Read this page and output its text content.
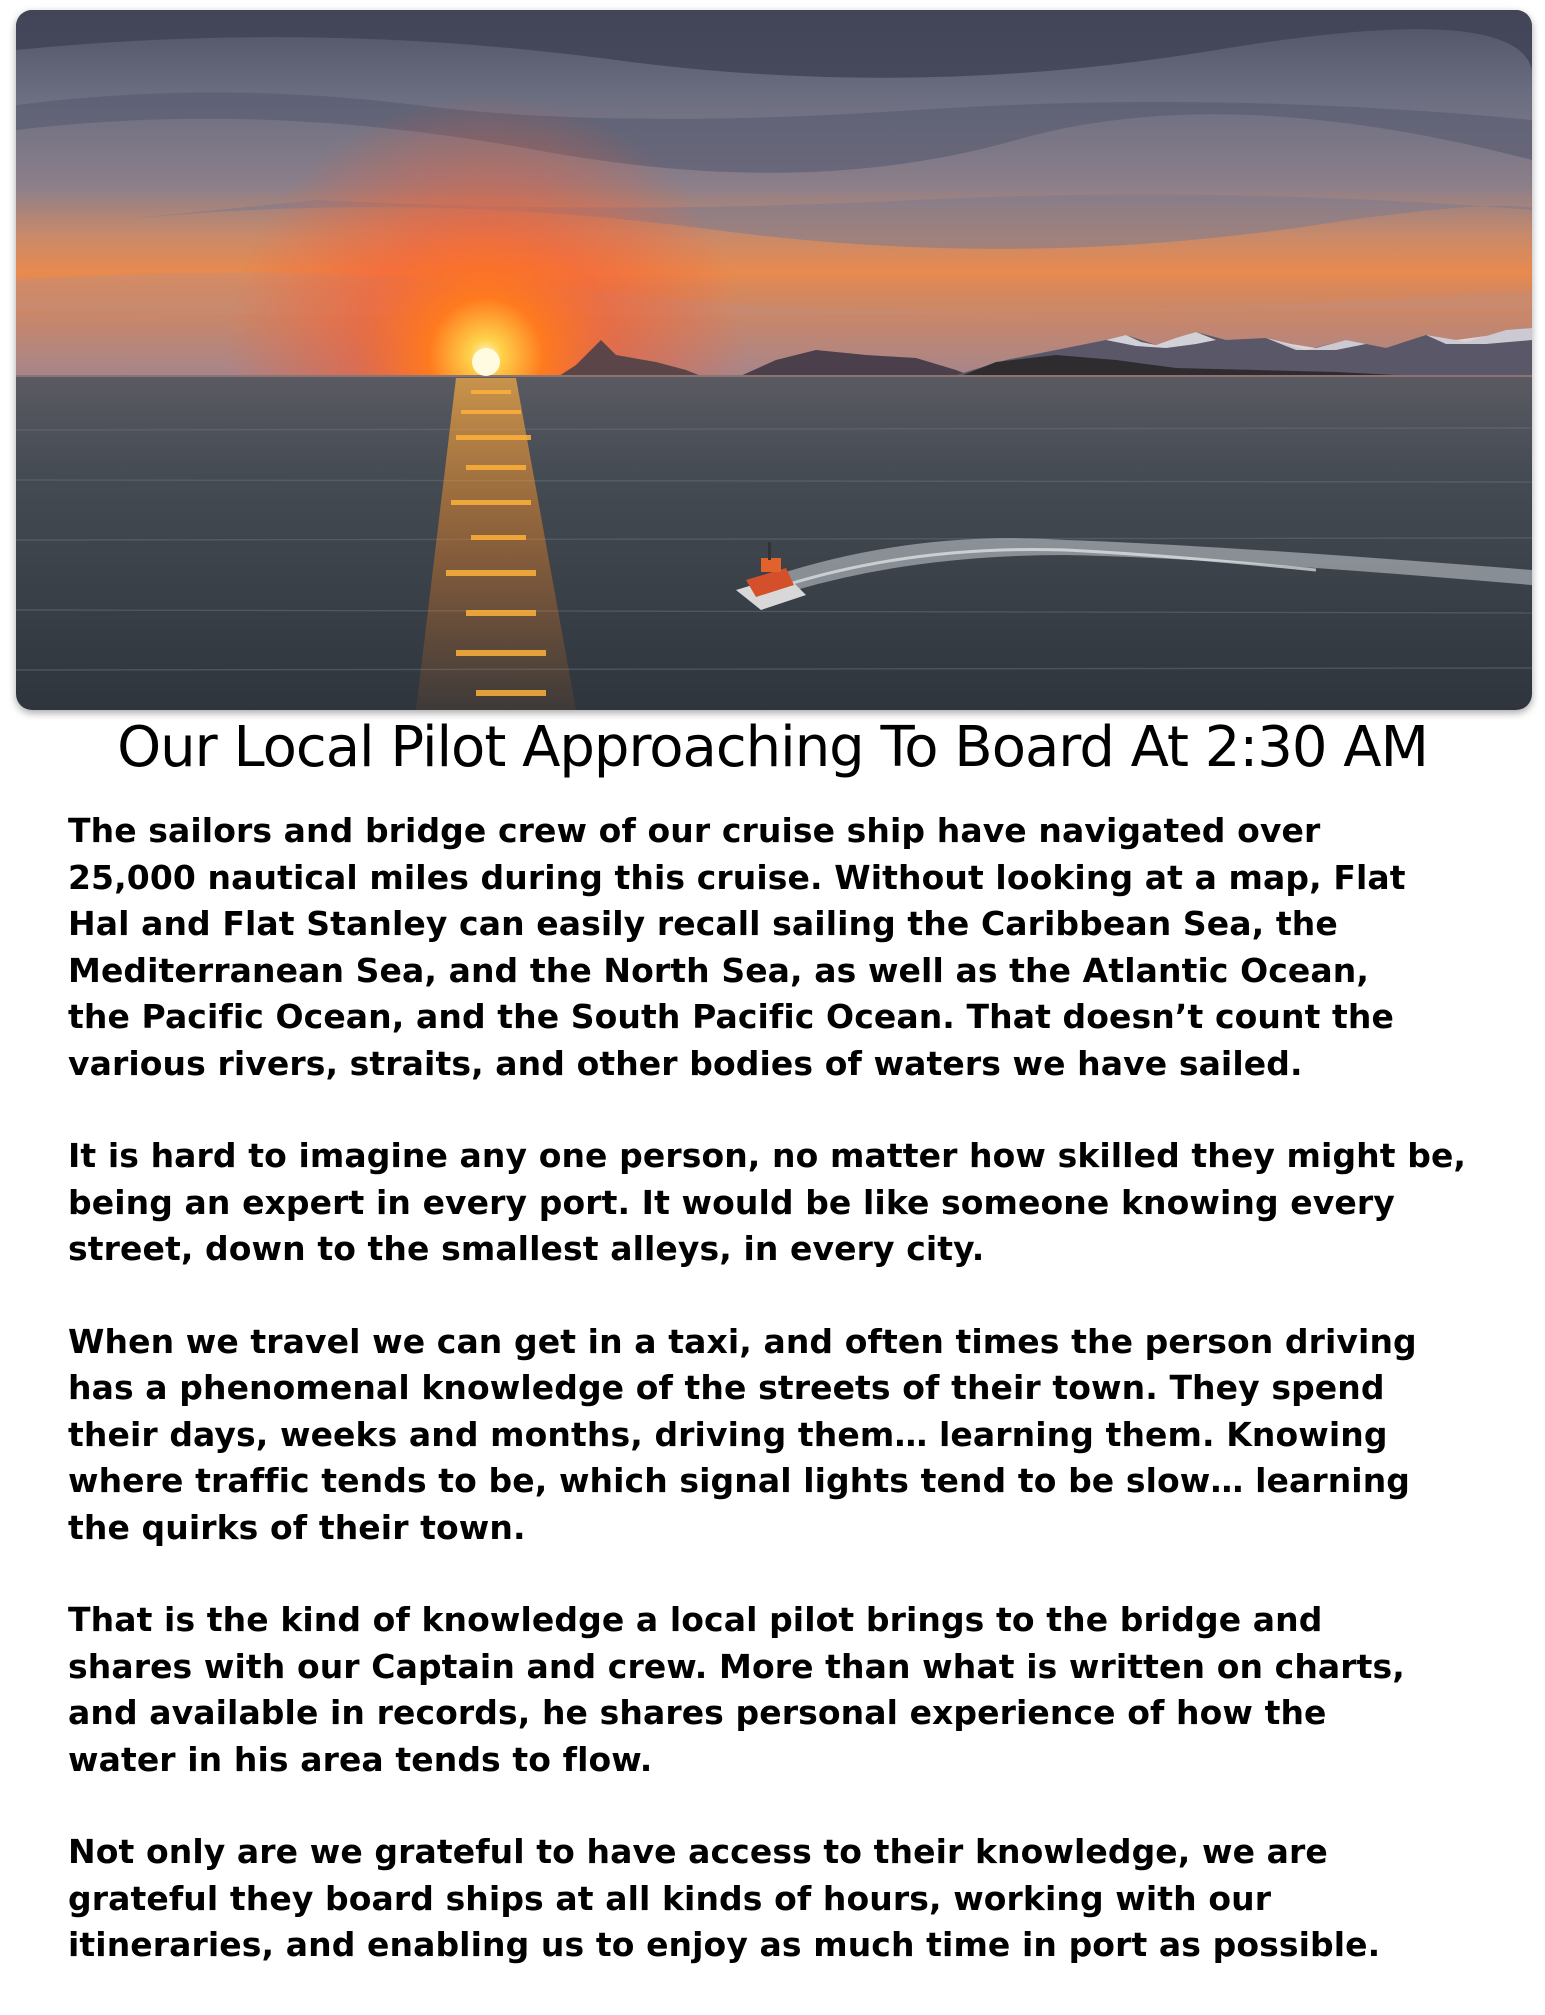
Our Local Pilot Approaching To Board At 2:30 AM

The sailors and bridge crew of our cruise ship have navigated over
25,000 nautical miles during this cruise. Without looking at a map, Flat
Hal and Flat Stanley can easily recall sailing the Caribbean Sea, the
Mediterranean Sea, and the North Sea, as well as the Atlantic Ocean,
the Pacific Ocean, and the South Pacific Ocean. That doesn’t count the
various rivers, straits, and other bodies of waters we have sailed.

It is hard to imagine any one person, no matter how skilled they might be,
being an expert in every port. It would be like someone knowing every
street, down to the smallest alleys, in every city.

When we travel we can get in a taxi, and often times the person driving
has a phenomenal knowledge of the streets of their town. They spend
their days, weeks and months, driving them… learning them. Knowing
where traffic tends to be, which signal lights tend to be slow… learning
the quirks of their town.

That is the kind of knowledge a local pilot brings to the bridge and
shares with our Captain and crew. More than what is written on charts,
and available in records, he shares personal experience of how the
water in his area tends to flow.

Not only are we grateful to have access to their knowledge, we are
grateful they board ships at all kinds of hours, working with our
itineraries, and enabling us to enjoy as much time in port as possible.
